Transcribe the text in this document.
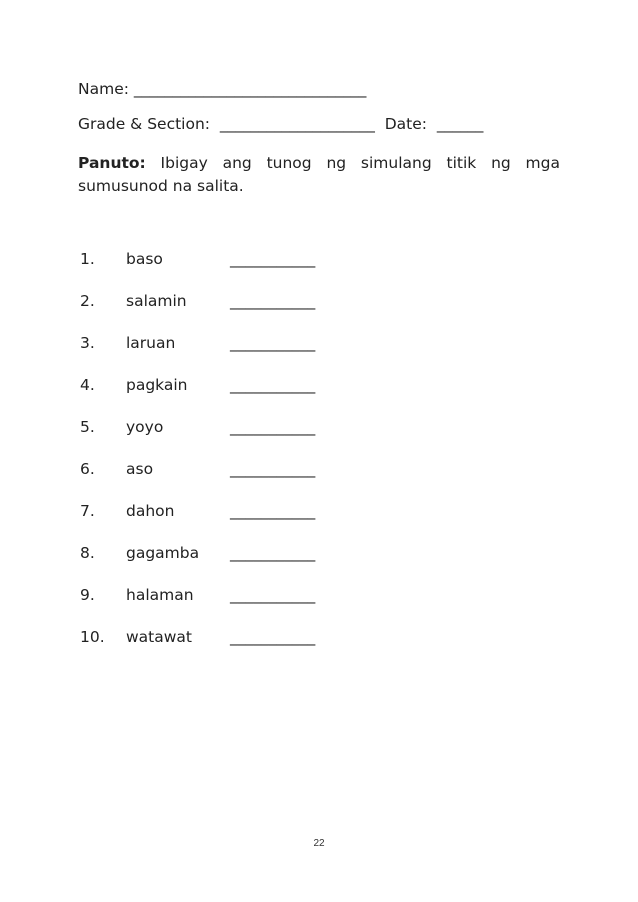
Name: ______________________________
Grade & Section:  ____________________  Date:  ______
Panuto: Ibigay ang tunog ng simulang titik ng mga sumusunod na salita.
1. baso	___________
2. salamin	___________
3. laruan	___________
4. pagkain	___________
5. yoyo	___________
6. aso	___________
7. dahon	___________
8. gagamba ___________
9. halaman ___________
10. watawat ___________
22
